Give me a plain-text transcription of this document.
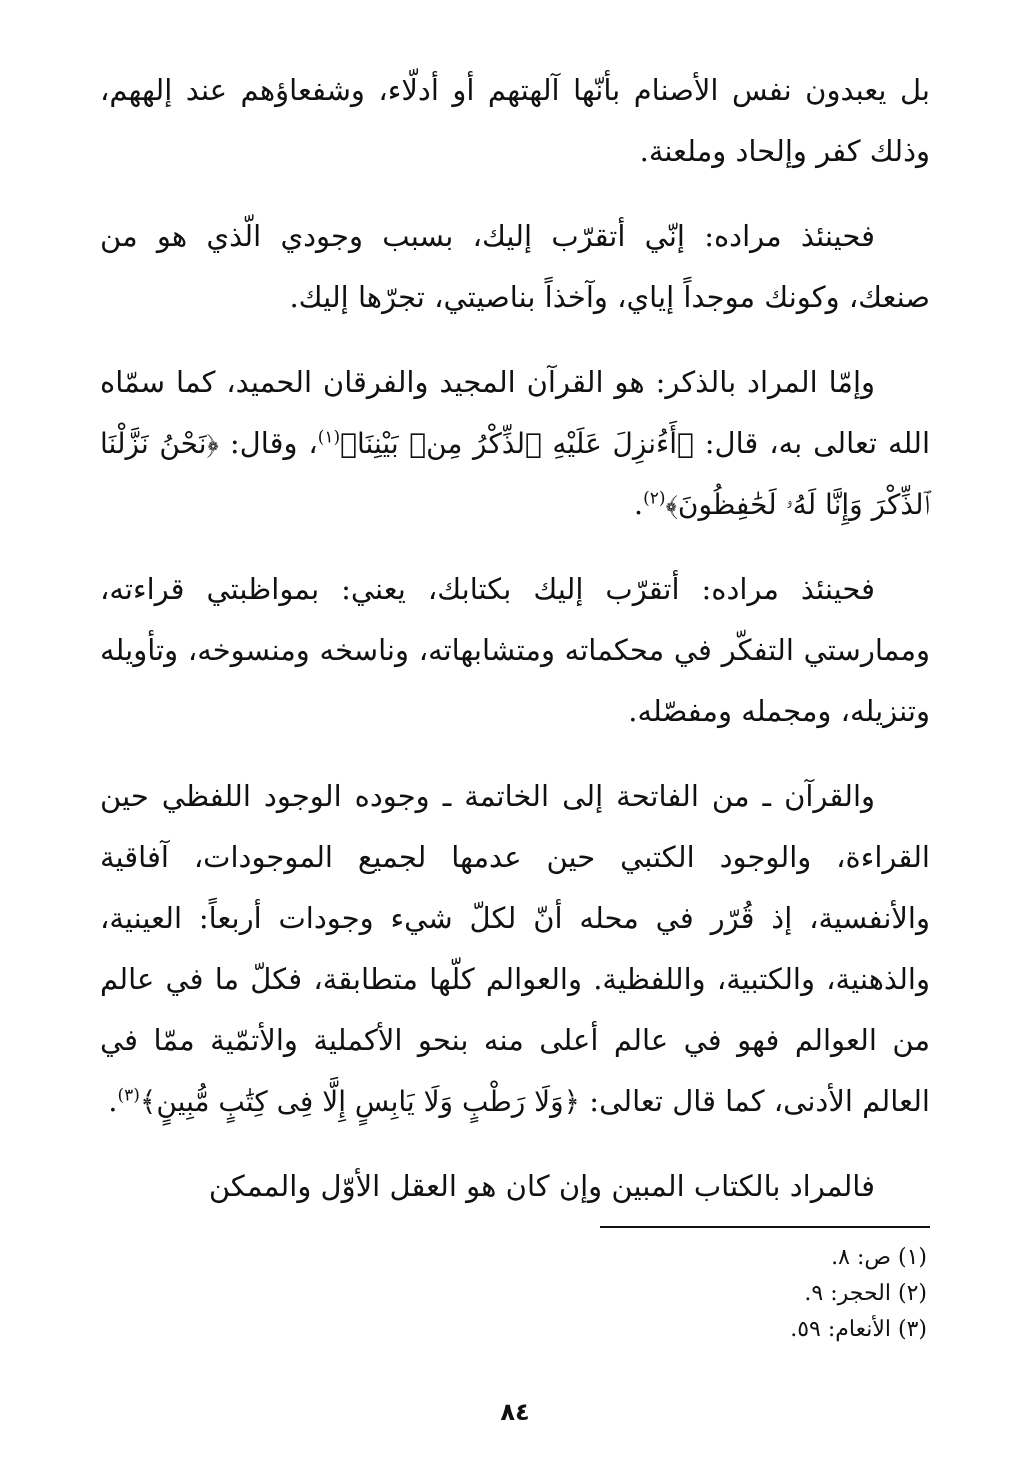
بل يعبدون نفس الأصنام بأنّها آلهتهم أو أدلّاء، وشفعاؤهم عند إلههم، وذلك كفر وإلحاد وملعنة.

فحينئذ مراده: إنّي أتقرّب إليك، بسبب وجودي الّذي هو من صنعك، وكونك موجداً إياي، وآخذاً بناصيتي، تجرّها إليك.

وإمّا المراد بالذكر: هو القرآن المجيد والفرقان الحميد، كما سمّاه الله تعالى به، قال: ﴿أَءُنزِلَ عَلَيْهِ ٱلذِّكْرُ مِنۢ بَيْنِنَا﴾$^{(١)}$، وقال: ﴿نَحْنُ نَزَّلْنَا ٱلذِّكْرَ وَإِنَّا لَهُۥ لَحَٰفِظُونَ﴾$^{(٢)}$.

فحينئذ مراده: أتقرّب إليك بكتابك، يعني: بمواظبتي قراءته، وممارستي التفكّر في محكماته ومتشابهاته، وناسخه ومنسوخه، وتأويله وتنزيله، ومجمله ومفصّله.

والقرآن ـ من الفاتحة إلى الخاتمة ـ وجوده الوجود اللفظي حين القراءة، والوجود الكتبي حين عدمها لجميع الموجودات، آفاقية والأنفسية، إذ قُرّر في محله أنّ لكلّ شيء وجودات أربعاً: العينية، والذهنية، والكتبية، واللفظية. والعوالم كلّها متطابقة، فكلّ ما في عالم من العوالم فهو في عالم أعلى منه بنحو الأكملية والأتمّية ممّا في العالم الأدنى، كما قال تعالى: ﴿وَلَا رَطْبٍ وَلَا يَابِسٍ إِلَّا فِى كِتَٰبٍ مُّبِينٍ﴾$^{(٣)}$.

فالمراد بالكتاب المبين وإن كان هو العقل الأوّل والممكن

(١) ص: ٨.
(٢) الحجر: ٩.
(٣) الأنعام: ٥٩.
٨٤
